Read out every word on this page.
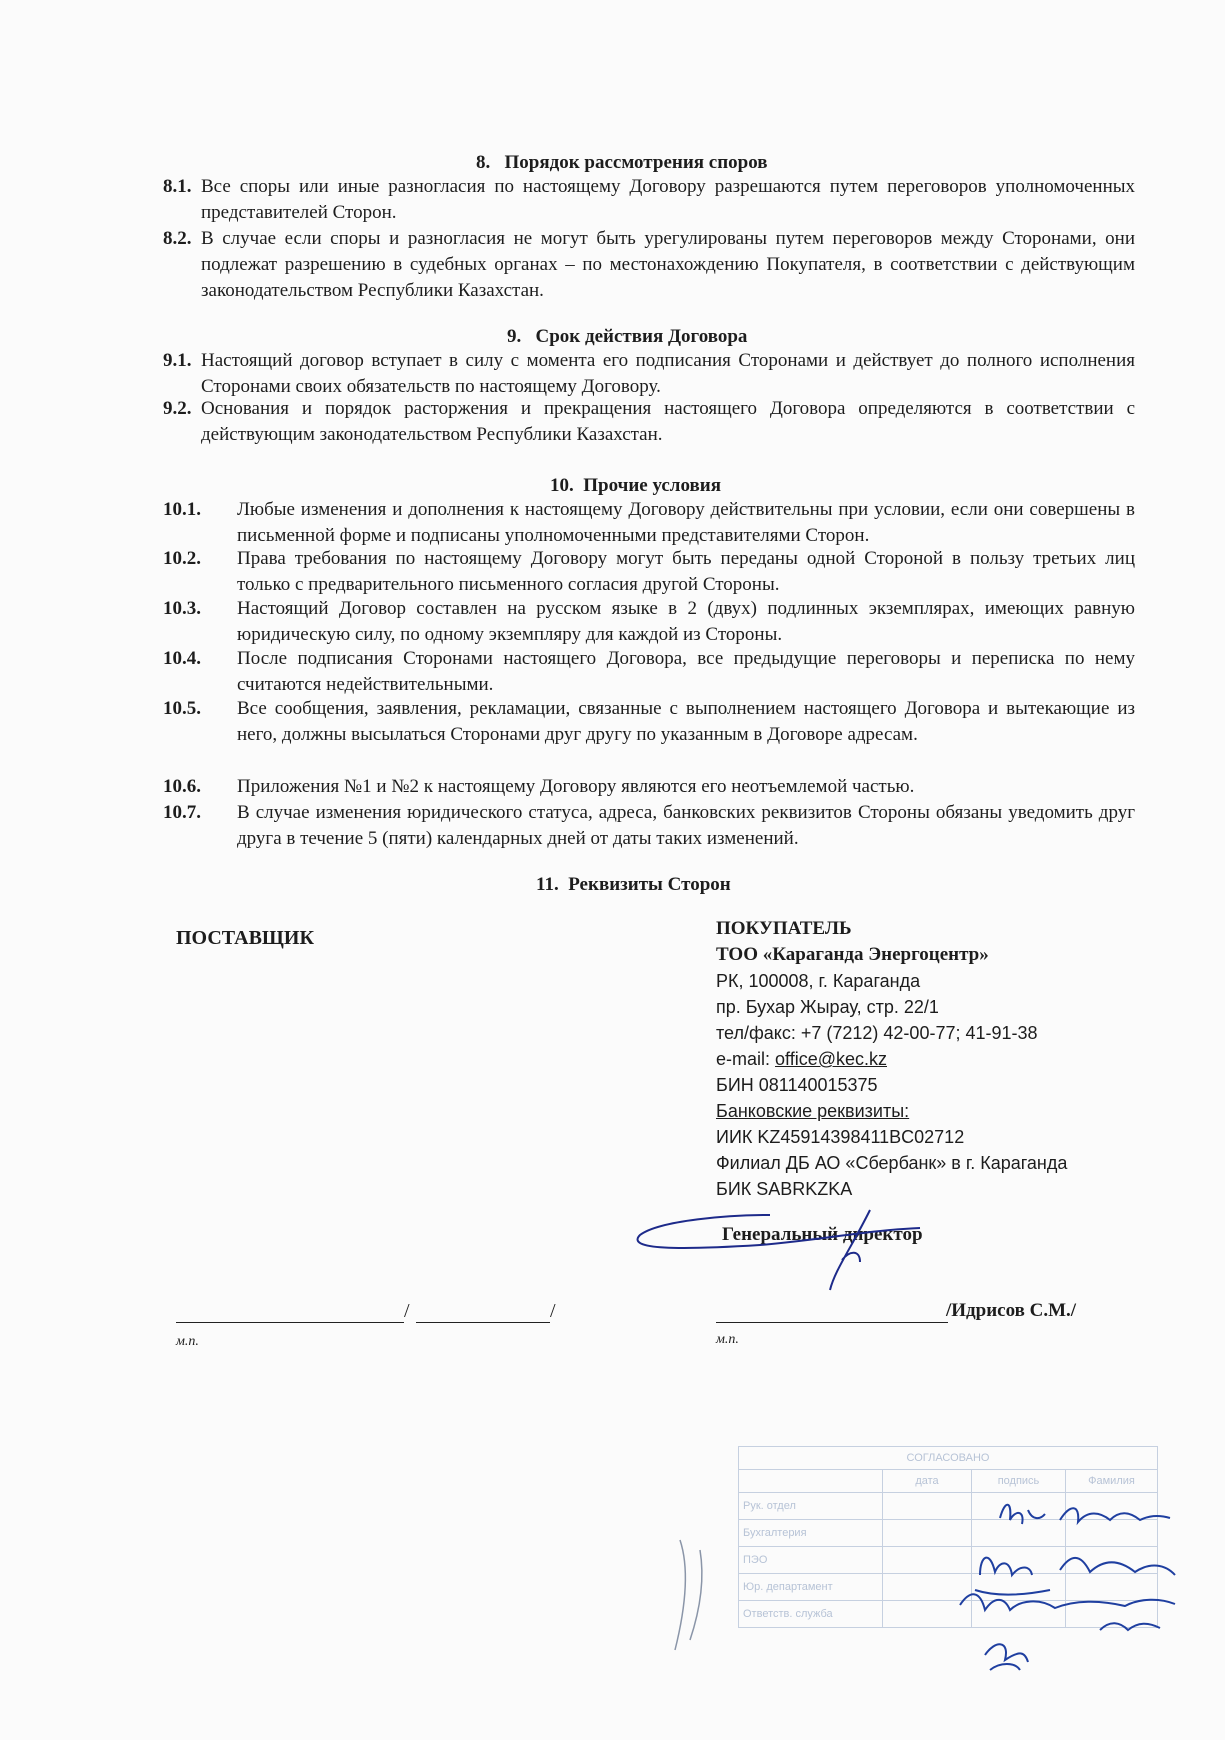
8.   Порядок рассмотрения споров
8.1. Все споры или иные разногласия по настоящему Договору разрешаются путем переговоров уполномоченных представителей Сторон.
8.2. В случае если споры и разногласия не могут быть урегулированы путем переговоров между Сторонами, они подлежат разрешению в судебных органах – по местонахождению Покупателя, в соответствии с действующим законодательством Республики Казахстан.
9.   Срок действия Договора
9.1. Настоящий договор вступает в силу с момента его подписания Сторонами и действует до полного исполнения Сторонами своих обязательств по настоящему Договору.
9.2. Основания и порядок расторжения и прекращения настоящего Договора определяются в соответствии с действующим законодательством Республики Казахстан.
10.  Прочие условия
10.1. Любые изменения и дополнения к настоящему Договору действительны при условии, если они совершены в письменной форме и подписаны уполномоченными представителями Сторон.
10.2. Права требования по настоящему Договору могут быть переданы одной Стороной в пользу третьих лиц только с предварительного письменного согласия другой Стороны.
10.3. Настоящий Договор составлен на русском языке в 2 (двух) подлинных экземплярах, имеющих равную юридическую силу, по одному экземпляру для каждой из Стороны.
10.4. После подписания Сторонами настоящего Договора, все предыдущие переговоры и переписка по нему считаются недействительными.
10.5. Все сообщения, заявления, рекламации, связанные с выполнением настоящего Договора и вытекающие из него, должны высылаться Сторонами друг другу по указанным в Договоре адресам.
10.6. Приложения №1 и №2 к настоящему Договору являются его неотъемлемой частью.
10.7. В случае изменения юридического статуса, адреса, банковских реквизитов Стороны обязаны уведомить друг друга в течение 5 (пяти) календарных дней от даты таких изменений.
11.  Реквизиты Сторон
ПОСТАВЩИК	ПОКУПАТЕЛЬ
ТОО «Караганда Энергоцентр»
РК, 100008, г. Караганда
пр. Бухар Жырау, стр. 22/1
тел/факс: +7 (7212) 42-00-77; 41-91-38
e-mail: office@kec.kz
БИН 081140015375
Банковские реквизиты:
ИИК KZ45914398411BC02712
Филиал ДБ АО «Сбербанк» в г. Караганда
БИК SABRKZKA
Генеральный директор
/	/
м.п.
/Идрисов С.М./
м.п.
СОГЛАСОВАНО			
	дата	подпись	Фамилия
Рук. отдел			
Бухгалтерия			
ПЭО			
Юр. департамент			
Ответств. служба			
